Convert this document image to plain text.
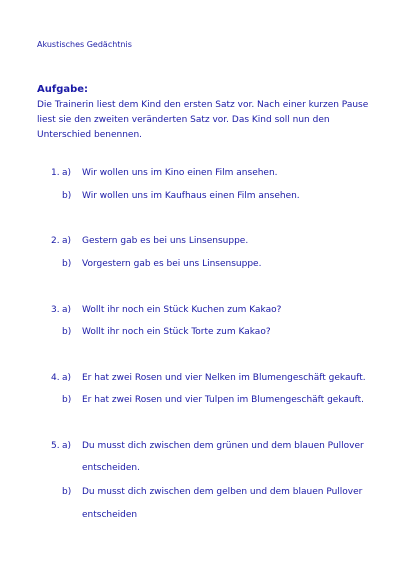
Akustisches Gedächtnis
Aufgabe:
Die Trainerin liest dem Kind den ersten Satz vor. Nach einer kurzen Pause
liest sie den zweiten veränderten Satz vor. Das Kind soll nun den
Unterschied benennen.
1. a) Wir wollen uns im Kino einen Film ansehen.
b) Wir wollen uns im Kaufhaus einen Film ansehen.
2. a) Gestern gab es bei uns Linsensuppe.
b) Vorgestern gab es bei uns Linsensuppe.
3. a) Wollt ihr noch ein Stück Kuchen zum Kakao?
b) Wollt ihr noch ein Stück Torte zum Kakao?
4. a) Er hat zwei Rosen und vier Nelken im Blumengeschäft gekauft.
b) Er hat zwei Rosen und vier Tulpen im Blumengeschäft gekauft.
5. a) Du musst dich zwischen dem grünen und dem blauen Pullover
entscheiden.
b) Du musst dich zwischen dem gelben und dem blauen Pullover
entscheiden
